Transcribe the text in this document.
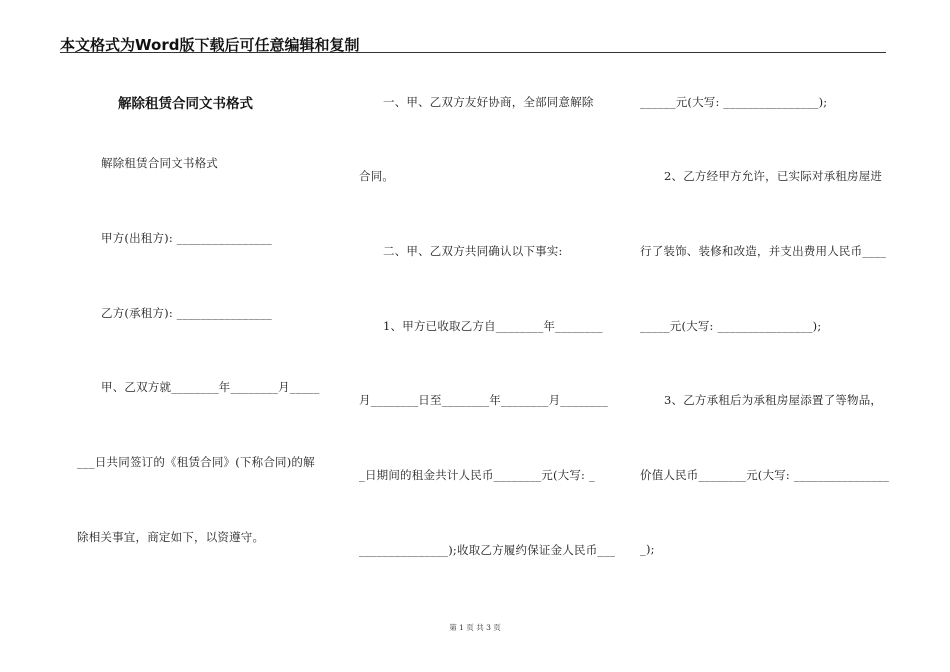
本文格式为Word版下载后可任意编辑和复制
解除租赁合同文书格式
解除租赁合同文书格式
甲方(出租方): ________________
乙方(承租方): ________________
甲、乙双方就________年________月_____
___日共同签订的《租赁合同》(下称合同)的解
除相关事宜，商定如下，以资遵守。
一、甲、乙双方友好协商，全部同意解除
合同。
二、甲、乙双方共同确认以下事实:
1、甲方已收取乙方自________年________
月________日至________年________月________
_日期间的租金共计人民币________元(大写: _
_______________);收取乙方履约保证金人民币___
______元(大写: ________________);
2、乙方经甲方允许，已实际对承租房屋进
行了装饰、装修和改造，并支出费用人民币____
_____元(大写: ________________);
3、乙方承租后为承租房屋添置了等物品，
价值人民币________元(大写: ________________
_);
第 1 页 共 3 页
